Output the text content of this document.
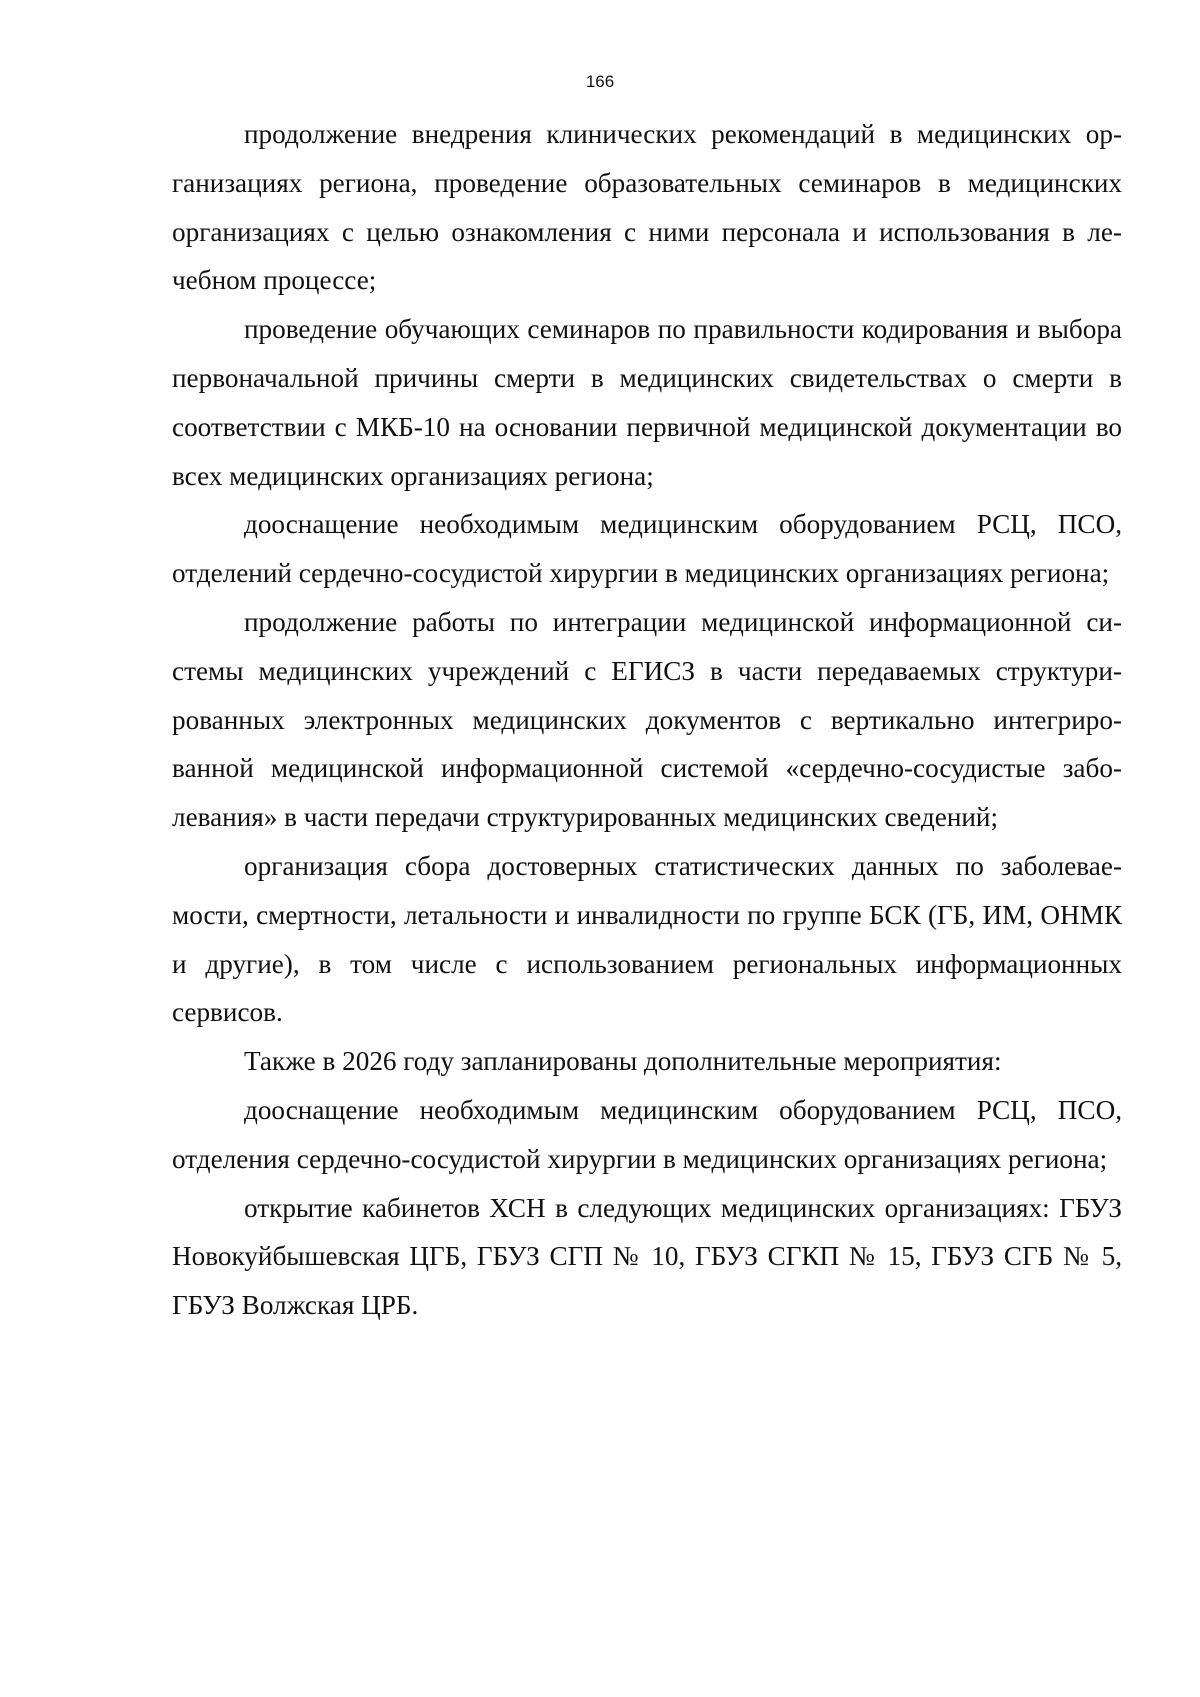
166

продолжение внедрения клинических рекомендаций в медицинских организациях региона, проведение образовательных семинаров в медицинских организациях с целью ознакомления с ними персонала и использования в лечебном процессе;

проведение обучающих семинаров по правильности кодирования и выбора первоначальной причины смерти в медицинских свидетельствах о смерти в соответствии с МКБ-10 на основании первичной медицинской документации во всех медицинских организациях региона;

дооснащение необходимым медицинским оборудованием РСЦ, ПСО, отделений сердечно-сосудистой хирургии в медицинских организациях региона;

продолжение работы по интеграции медицинской информационной системы медицинских учреждений с ЕГИСЗ в части передаваемых структурированных электронных медицинских документов с вертикально интегрированной медицинской информационной системой «сердечно-сосудистые заболевания» в части передачи структурированных медицинских сведений;

организация сбора достоверных статистических данных по заболеваемости, смертности, летальности и инвалидности по группе БСК (ГБ, ИМ, ОНМК и другие), в том числе с использованием региональных информационных сервисов.

Также в 2026 году запланированы дополнительные мероприятия:

дооснащение необходимым медицинским оборудованием РСЦ, ПСО, отделения сердечно-сосудистой хирургии в медицинских организациях региона;

открытие кабинетов ХСН в следующих медицинских организациях: ГБУЗ Новокуйбышевская ЦГБ, ГБУЗ СГП № 10, ГБУЗ СГКП № 15, ГБУЗ СГБ № 5, ГБУЗ Волжская ЦРБ.
